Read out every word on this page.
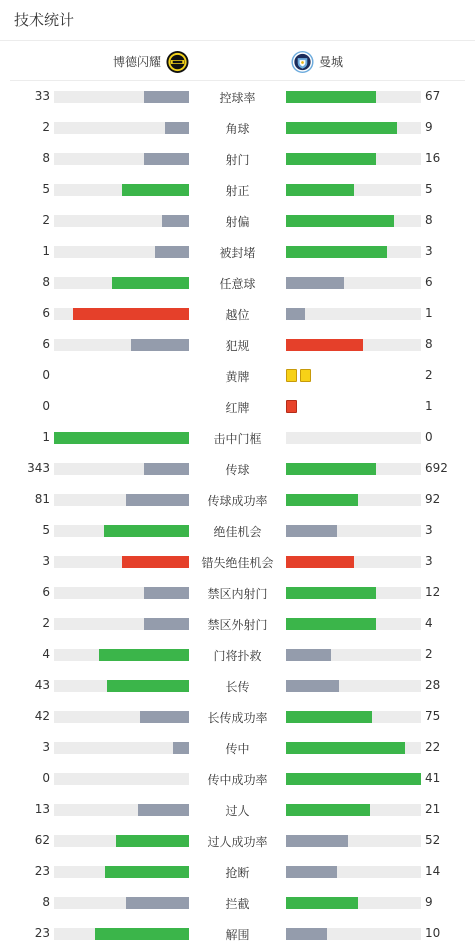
技术统计
博德闪耀	曼城
33	控球率	67
2	角球	9
8	射门	16
5	射正	5
2	射偏	8
1	被封堵	3
8	任意球	6
6	越位	1
6	犯规	8
0	黄牌	2
0	红牌	1
1	击中门框	0
343	传球	692
81	传球成功率	92
5	绝佳机会	3
3	错失绝佳机会	3
6	禁区内射门	12
2	禁区外射门	4
4	门将扑救	2
43	长传	28
42	长传成功率	75
3	传中	22
0	传中成功率	41
13	过人	21
62	过人成功率	52
23	抢断	14
8	拦截	9
23	解围	10
